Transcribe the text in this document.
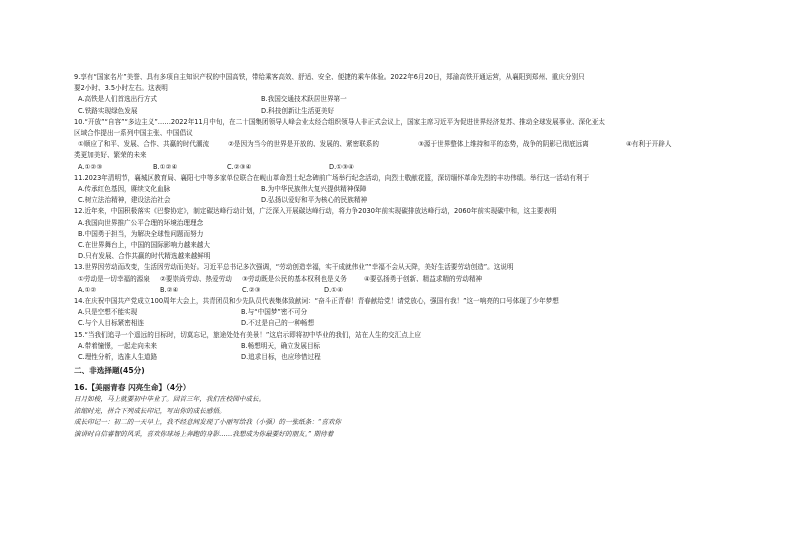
9.享有“国家名片”美誉、具有多项自主知识产权的中国高铁，带给乘客高效、舒适、安全、便捷的乘车体验。2022年6月20日，郑渝高铁开通运营，从襄阳到郑州、重庆分别只
要2小时、3.5小时左右。这表明
A.高铁是人们首选出行方式	B.我国交通技术跃居世界第一
C.铁路实现绿色发展	D.科技创新让生活更美好
10.“开放”“自容”“多边主义”……2022年11月中旬，在二十国集团领导人峰会业太经合组织领导人非正式会议上，国家主席习近平为促进世界经济复苏、推动全球发展事业、深化亚太
区域合作提出一系列中国主张、中国倡议
①顺应了和平、发展、合作、共赢的时代潮流	②是因为当今的世界是开放的、发展的、紧密联系的	③源于世界整体上维持和平的态势，战争的阴影已彻底远离	④有利于开辟人
类更加美好、繁荣的未来
A.①②③	B.①②④	C.②③④	D.①③④
11.2023年清明节，襄城区教育局、襄阳七中等多家单位联合在岘山革命烈士纪念碑前广场举行纪念活动，向烈士敬献花篮，深切缅怀革命先烈的丰功伟绩。举行这一活动有利于
A.传承红色基因，赓续文化血脉	B.为中华民族伟大复兴提供精神保障
C.树立法治精神，建设法治社会	D.弘扬以爱好和平为核心的民族精神
12.近年来，中国积极落实《巴黎协定》，制定碳达峰行动计划，广泛深入开展碳达峰行动，将力争2030年前实现碳排放达峰行动，2060年前实现碳中和，这主要表明
A.我国向世界推广公平合理的环境治理理念
B.中国勇于担当，为解决全球性问题而努力
C.在世界舞台上，中国的国际影响力越来越大
D.只有发展、合作共赢的时代精选越来越鲜明
13.世界因劳动而改变，生活因劳动而美好。习近平总书记多次强调，“劳动创造幸福，实干成就伟业”“幸福不会从天降，美好生活要劳动创造”。这说明
①劳动是一切幸福的源泉	②要崇尚劳动、热爱劳动	③劳动既是公民的基本权利也是义务	④要弘扬勇于创新、精益求精的劳动精神
A.①②	B.②④	C.②③	D.①④
14.在庆祝中国共产党成立100周年大会上，共青团员和少先队员代表集体致献词：“奋斗正青春！青春献给党！请党放心，强国有我！”这一响亮的口号体现了少年梦想
A.只是空想不能实现	B.与“中国梦”密不可分
C.与个人目标紧密相连	D.不过是自己的一种畅想
15.“当我们追寻一个遥远的目标时，切莫忘记，旅途处处有美景！”这启示即将初中毕业的我们，站在人生的交汇点上应
A.带着憧憬，一起走向未来	B.畅想明天，确立发展目标
C.理性分析，选准人生道路	D.追求目标，也应珍惜过程
二、非选择题(45分)
16.【美丽青春 闪亮生命】（4分）
日月如梭，马上就要初中毕业了。回首三年，我们在校园中成长。
浓缩时光，拼合下列成长印记，写出你的成长感悟。
成长印记一：初二的一天早上，我不经意间发现了小丽写给我（小强）的一张纸条：“喜欢你
演讲时自信睿智的风采，喜欢你球场上奔跑的身影……我想成为你最要好的朋友。” 期待着
